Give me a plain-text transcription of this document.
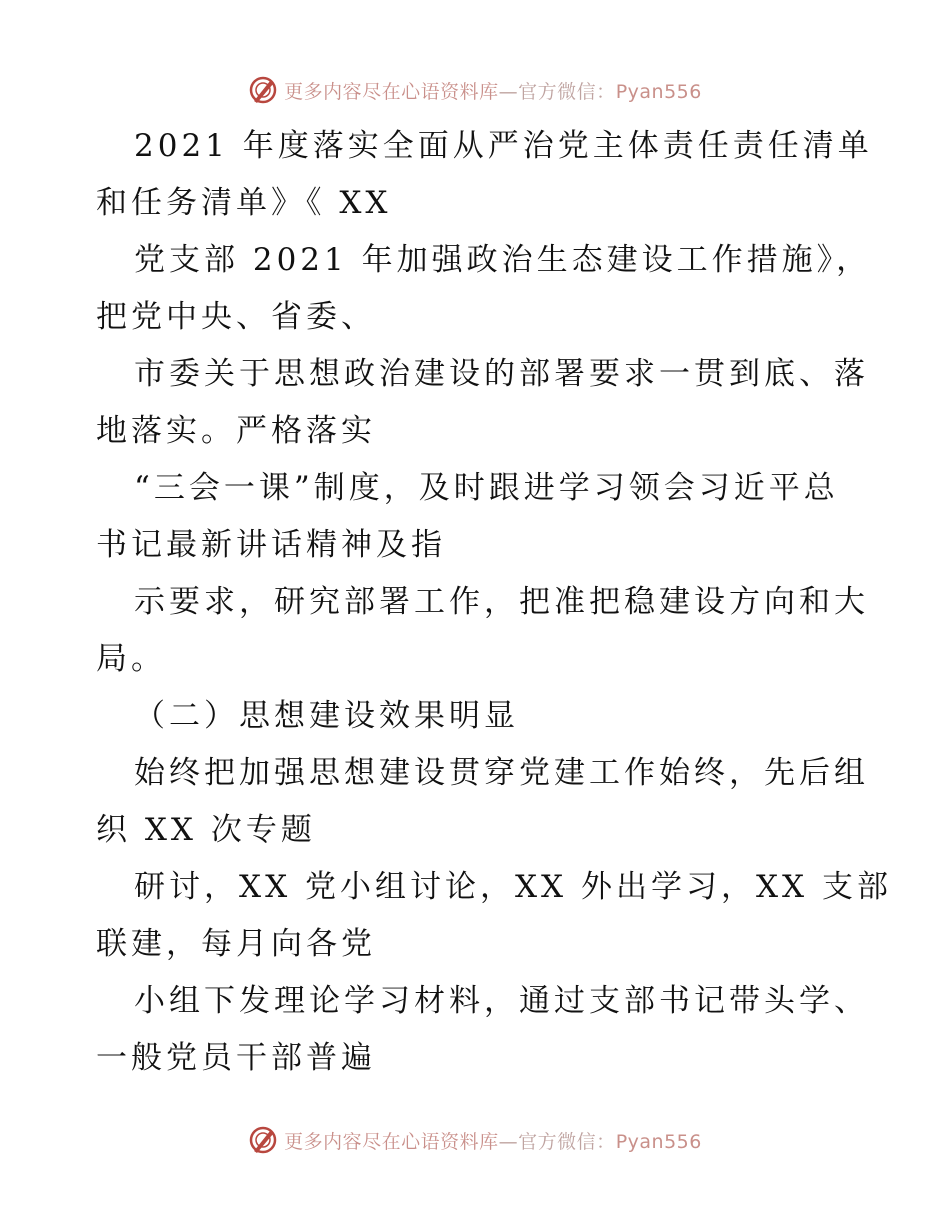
更多内容尽在心语资料库—官方微信：Pyan556
2021 年度落实全面从严治党主体责任责任清单
和任务清单》《 XX
党支部 2021 年加强政治生态建设工作措施》，
把党中央、省委、
市委关于思想政治建设的部署要求一贯到底、落
地落实。严格落实
“三会一课”制度，及时跟进学习领会习近平总
书记最新讲话精神及指
示要求，研究部署工作，把准把稳建设方向和大
局。
（二）思想建设效果明显
始终把加强思想建设贯穿党建工作始终，先后组
织 XX 次专题
研讨，XX 党小组讨论，XX 外出学习，XX 支部
联建，每月向各党
小组下发理论学习材料，通过支部书记带头学、
一般党员干部普遍
更多内容尽在心语资料库—官方微信：Pyan556
